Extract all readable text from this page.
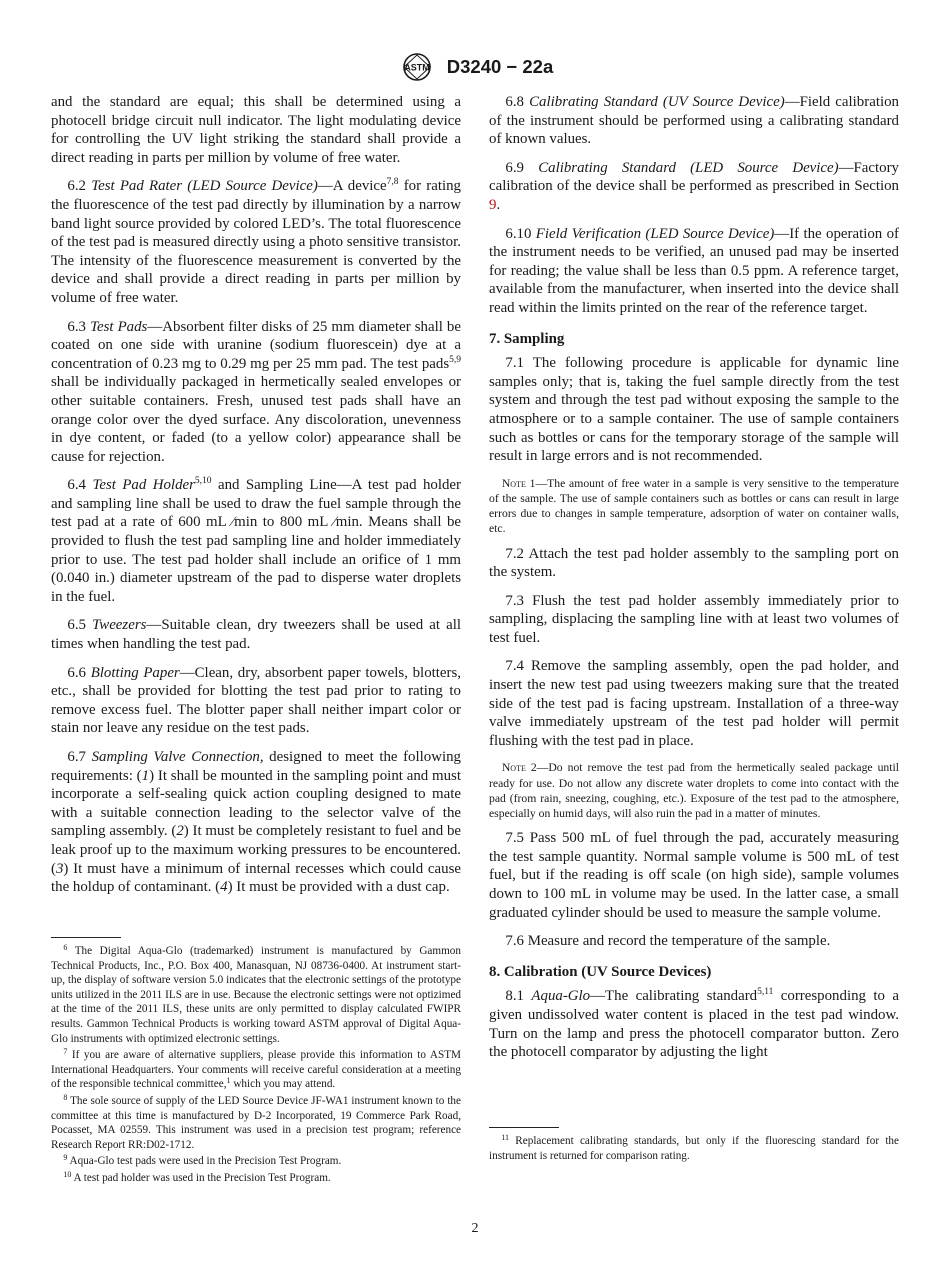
ASTM D3240 − 22a

and the standard are equal; this shall be determined using a photocell bridge circuit null indicator. The light modulating device for controlling the UV light striking the standard shall provide a direct reading in parts per million by volume of free water.

6.2 Test Pad Rater (LED Source Device)—A device$^{7,8}$ for rating the fluorescence of the test pad directly by illumination by a narrow band light source provided by colored LED’s. The total fluorescence of the test pad is measured directly using a photo sensitive transistor. The intensity of the fluorescence measurement is converted by the device and shall provide a direct reading in parts per million by volume of free water.

6.3 Test Pads—Absorbent filter disks of 25 mm diameter shall be coated on one side with uranine (sodium fluorescein) dye at a concentration of 0.23 mg to 0.29 mg per 25 mm pad. The test pads$^{5,9}$ shall be individually packaged in hermetically sealed envelopes or other suitable containers. Fresh, unused test pads shall have an orange color over the dyed surface. Any discoloration, unevenness in dye content, or faded (to a yellow color) appearance shall be cause for rejection.

6.4 Test Pad Holder$^{5,10}$ and Sampling Line—A test pad holder and sampling line shall be used to draw the fuel sample through the test pad at a rate of 600 mL ⁄min to 800 mL ⁄min. Means shall be provided to flush the test pad sampling line and holder immediately prior to use. The test pad holder shall include an orifice of 1 mm (0.040 in.) diameter upstream of the pad to disperse water droplets in the fuel.

6.5 Tweezers—Suitable clean, dry tweezers shall be used at all times when handling the test pad.

6.6 Blotting Paper—Clean, dry, absorbent paper towels, blotters, etc., shall be provided for blotting the test pad prior to rating to remove excess fuel. The blotter paper shall neither impart color or stain nor leave any residue on the test pads.

6.7 Sampling Valve Connection, designed to meet the following requirements: (1) It shall be mounted in the sampling point and must incorporate a self-sealing quick action coupling designed to mate with a suitable connection leading to the selector valve of the sampling assembly. (2) It must be completely resistant to fuel and be leak proof up to the maximum working pressures to be encountered. (3) It must have a minimum of internal recesses which could cause the holdup of contaminant. (4) It must be provided with a dust cap.

$^6$ The Digital Aqua-Glo (trademarked) instrument is manufactured by Gammon Technical Products, Inc., P.O. Box 400, Manasquan, NJ 08736-0400. At instrument start-up, the display of software version 5.0 indicates that the electronic settings of the prototype units utilized in the 2011 ILS are in use. Because the electronic settings were not optizimed at the time of the 2011 ILS, these units are only permitted to display calculated FWIPR results. Gammon Technical Products is working toward ASTM approval of Digital Aqua-Glo instruments with optimized electronic settings.

$^7$ If you are aware of alternative suppliers, please provide this information to ASTM International Headquarters. Your comments will receive careful consideration at a meeting of the responsible technical committee,$^1$ which you may attend.

$^8$ The sole source of supply of the LED Source Device JF-WA1 instrument known to the committee at this time is manufactured by D-2 Incorporated, 19 Commerce Park Road, Pocasset, MA 02559. This instrument was used in a precision test program; reference Research Report RR:D02-1712.

$^9$ Aqua-Glo test pads were used in the Precision Test Program.

$^{10}$ A test pad holder was used in the Precision Test Program.

6.8 Calibrating Standard (UV Source Device)—Field calibration of the instrument should be performed using a calibrating standard of known values.

6.9 Calibrating Standard (LED Source Device)—Factory calibration of the device shall be performed as prescribed in Section 9.

6.10 Field Verification (LED Source Device)—If the operation of the instrument needs to be verified, an unused pad may be inserted for reading; the value shall be less than 0.5 ppm. A reference target, available from the manufacturer, when inserted into the device shall read within the limits printed on the rear of the reference target.

7. Sampling

7.1 The following procedure is applicable for dynamic line samples only; that is, taking the fuel sample directly from the test system and through the test pad without exposing the sample to the atmosphere or to a sample container. The use of sample containers such as bottles or cans for the temporary storage of the sample will result in large errors and is not recommended.

Note 1—The amount of free water in a sample is very sensitive to the temperature of the sample. The use of sample containers such as bottles or cans can result in large errors due to changes in sample temperature, adsorption of water on container walls, etc.

7.2 Attach the test pad holder assembly to the sampling port on the system.

7.3 Flush the test pad holder assembly immediately prior to sampling, displacing the sampling line with at least two volumes of test fuel.

7.4 Remove the sampling assembly, open the pad holder, and insert the new test pad using tweezers making sure that the treated side of the test pad is facing upstream. Installation of a three-way valve immediately upstream of the test pad holder will permit flushing with the test pad in place.

Note 2—Do not remove the test pad from the hermetically sealed package until ready for use. Do not allow any discrete water droplets to come into contact with the pad (from rain, sneezing, coughing, etc.). Exposure of the test pad to the atmosphere, especially on humid days, will also ruin the pad in a matter of minutes.

7.5 Pass 500 mL of fuel through the pad, accurately measuring the test sample quantity. Normal sample volume is 500 mL of test fuel, but if the reading is off scale (on high side), sample volumes down to 100 mL in volume may be used. In the latter case, a small graduated cylinder should be used to measure the sample volume.

7.6 Measure and record the temperature of the sample.

8. Calibration (UV Source Devices)

8.1 Aqua-Glo—The calibrating standard$^{5,11}$ corresponding to a given undissolved water content is placed in the test pad window. Turn on the lamp and press the photocell comparator button. Zero the photocell comparator by adjusting the light

$^{11}$ Replacement calibrating standards, but only if the fluorescing standard for the instrument is returned for comparison rating.

2
